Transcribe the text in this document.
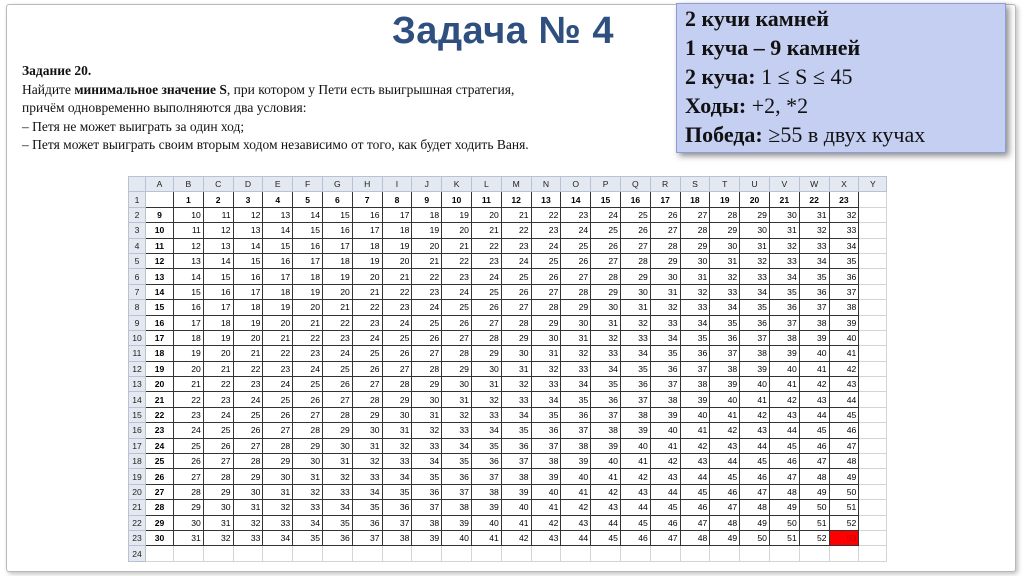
Задача № 4
Задание 20.
Найдите минимальное значение S, при котором у Пети есть выигрышная стратегия,
причём одновременно выполняются два условия:
– Петя не может выиграть за один ход;
– Петя может выиграть своим вторым ходом независимо от того, как будет ходить Ваня.
2 кучи камней
1 куча – 9 камней
2 куча: 1 ≤ S ≤ 45
Ходы: +2, *2
Победа: ≥55 в двух кучах
	A	B	C	D	E	F	G	H	I	J	K	L	M	N	O	P	Q	R	S	T	U	V	W	X	Y
1		1	2	3	4	5	6	7	8	9	10	11	12	13	14	15	16	17	18	19	20	21	22	23	
2	9	10	11	12	13	14	15	16	17	18	19	20	21	22	23	24	25	26	27	28	29	30	31	32	
3	10	11	12	13	14	15	16	17	18	19	20	21	22	23	24	25	26	27	28	29	30	31	32	33	
4	11	12	13	14	15	16	17	18	19	20	21	22	23	24	25	26	27	28	29	30	31	32	33	34	
5	12	13	14	15	16	17	18	19	20	21	22	23	24	25	26	27	28	29	30	31	32	33	34	35	
6	13	14	15	16	17	18	19	20	21	22	23	24	25	26	27	28	29	30	31	32	33	34	35	36	
7	14	15	16	17	18	19	20	21	22	23	24	25	26	27	28	29	30	31	32	33	34	35	36	37	
8	15	16	17	18	19	20	21	22	23	24	25	26	27	28	29	30	31	32	33	34	35	36	37	38	
9	16	17	18	19	20	21	22	23	24	25	26	27	28	29	30	31	32	33	34	35	36	37	38	39	
10	17	18	19	20	21	22	23	24	25	26	27	28	29	30	31	32	33	34	35	36	37	38	39	40	
11	18	19	20	21	22	23	24	25	26	27	28	29	30	31	32	33	34	35	36	37	38	39	40	41	
12	19	20	21	22	23	24	25	26	27	28	29	30	31	32	33	34	35	36	37	38	39	40	41	42	
13	20	21	22	23	24	25	26	27	28	29	30	31	32	33	34	35	36	37	38	39	40	41	42	43	
14	21	22	23	24	25	26	27	28	29	30	31	32	33	34	35	36	37	38	39	40	41	42	43	44	
15	22	23	24	25	26	27	28	29	30	31	32	33	34	35	36	37	38	39	40	41	42	43	44	45	
16	23	24	25	26	27	28	29	30	31	32	33	34	35	36	37	38	39	40	41	42	43	44	45	46	
17	24	25	26	27	28	29	30	31	32	33	34	35	36	37	38	39	40	41	42	43	44	45	46	47	
18	25	26	27	28	29	30	31	32	33	34	35	36	37	38	39	40	41	42	43	44	45	46	47	48	
19	26	27	28	29	30	31	32	33	34	35	36	37	38	39	40	41	42	43	44	45	46	47	48	49	
20	27	28	29	30	31	32	33	34	35	36	37	38	39	40	41	42	43	44	45	46	47	48	49	50	
21	28	29	30	31	32	33	34	35	36	37	38	39	40	41	42	43	44	45	46	47	48	49	50	51	
22	29	30	31	32	33	34	35	36	37	38	39	40	41	42	43	44	45	46	47	48	49	50	51	52	
23	30	31	32	33	34	35	36	37	38	39	40	41	42	43	44	45	46	47	48	49	50	51	52	53	
24																									
